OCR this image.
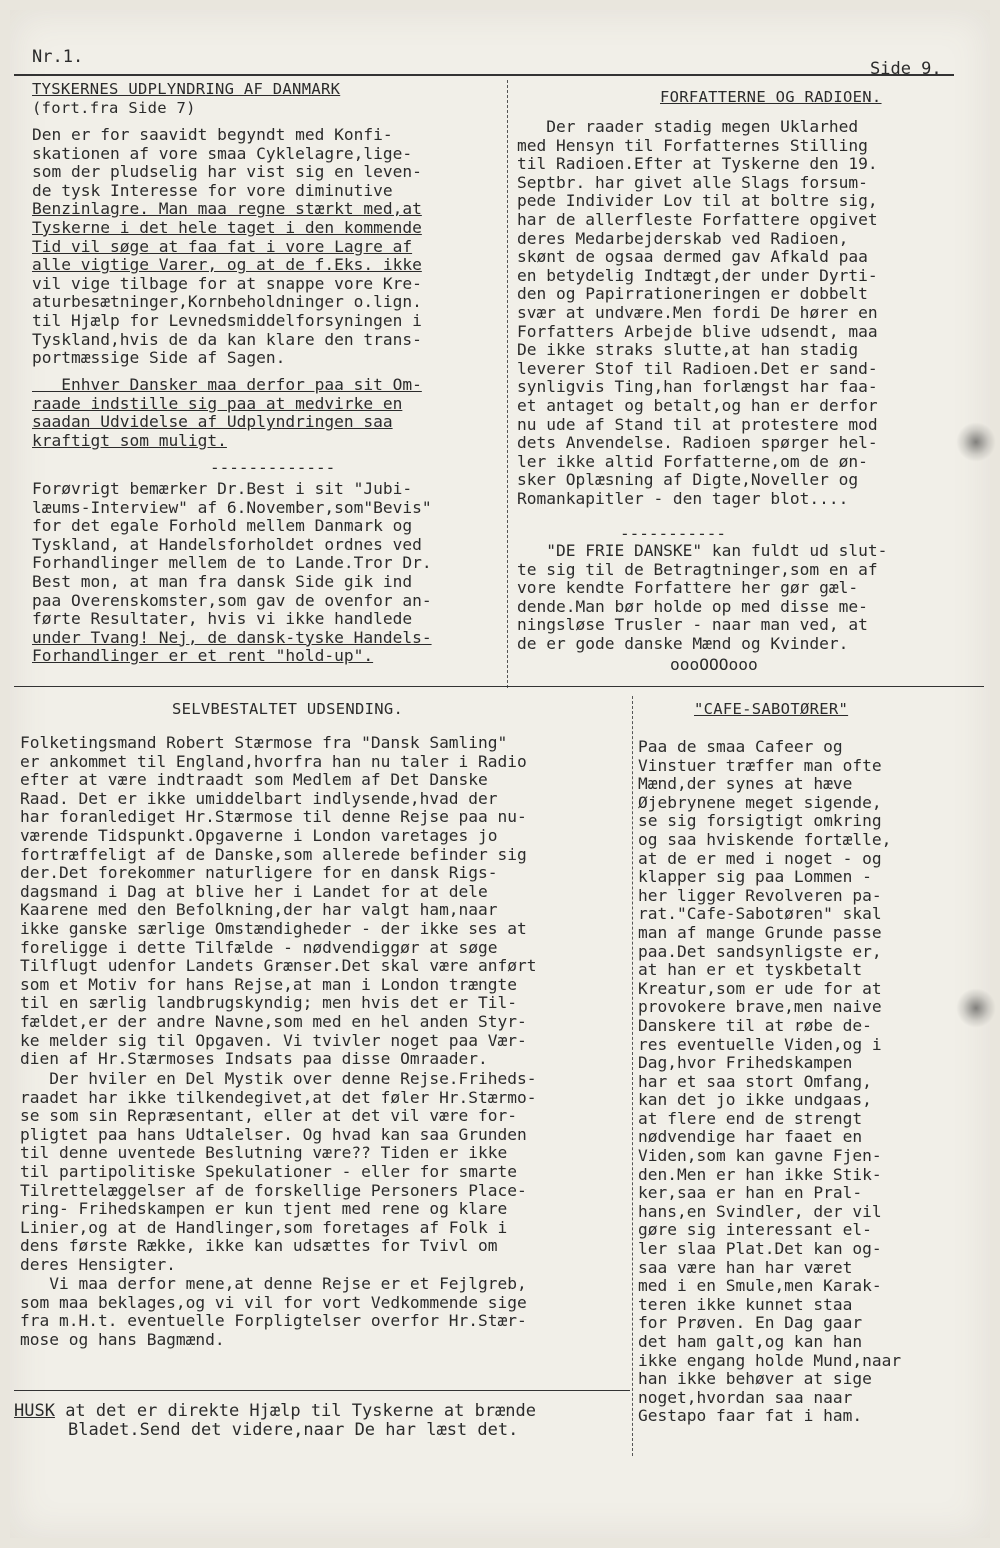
Nr.1.
Side 9.
TYSKERNES UDPLYNDRING AF DANMARK
(fort.fra Side 7)
Den er for saavidt begyndt med Konfi-
skationen af vore smaa Cyklelagre,lige-
som der pludselig har vist sig en leven-
de tysk Interesse for vore diminutive
Benzinlagre. Man maa regne stærkt med,at
Tyskerne i det hele taget i den kommende
Tid vil søge at faa fat i vore Lagre af
alle vigtige Varer, og at de f.Eks. ikke
vil vige tilbage for at snappe vore Kre-
aturbesætninger,Kornbeholdninger o.lign.
til Hjælp for Levnedsmiddelforsyningen i
Tyskland,hvis de da kan klare den trans-
portmæssige Side af Sagen.
Enhver Dansker maa derfor paa sit Om-
raade indstille sig paa at medvirke en
saadan Udvidelse af Udplyndringen saa
kraftigt som muligt.
-------------
Forøvrigt bemærker Dr.Best i sit "Jubi-
læums-Interview" af 6.November,som"Bevis"
for det egale Forhold mellem Danmark og
Tyskland, at Handelsforholdet ordnes ved
Forhandlinger mellem de to Lande.Tror Dr.
Best mon, at man fra dansk Side gik ind
paa Overenskomster,som gav de ovenfor an-
førte Resultater, hvis vi ikke handlede
under Tvang! Nej, de dansk-tyske Handels-
Forhandlinger er et rent "hold-up".
FORFATTERNE OG RADIOEN.
Der raader stadig megen Uklarhed
med Hensyn til Forfatternes Stilling
til Radioen.Efter at Tyskerne den 19.
Septbr. har givet alle Slags forsum-
pede Individer Lov til at boltre sig,
har de allerfleste Forfattere opgivet
deres Medarbejderskab ved Radioen,
skønt de ogsaa dermed gav Afkald paa
en betydelig Indtægt,der under Dyrti-
den og Papirrationeringen er dobbelt
svær at undvære.Men fordi De hører en
Forfatters Arbejde blive udsendt, maa
De ikke straks slutte,at han stadig
leverer Stof til Radioen.Det er sand-
synligvis Ting,han forlængst har faa-
et antaget og betalt,og han er derfor
nu ude af Stand til at protestere mod
dets Anvendelse. Radioen spørger hel-
ler ikke altid Forfatterne,om de øn-
sker Oplæsning af Digte,Noveller og
Romankapitler - den tager blot....
-----------
"DE FRIE DANSKE" kan fuldt ud slut-
te sig til de Betragtninger,som en af
vore kendte Forfattere her gør gæl-
dende.Man bør holde op med disse me-
ningsløse Trusler - naar man ved, at
de er gode danske Mænd og Kvinder.
oooOOOooo
SELVBESTALTET UDSENDING.
Folketingsmand Robert Stærmose fra "Dansk Samling"
er ankommet til England,hvorfra han nu taler i Radio
efter at være indtraadt som Medlem af Det Danske
Raad. Det er ikke umiddelbart indlysende,hvad der
har foranlediget Hr.Stærmose til denne Rejse paa nu-
værende Tidspunkt.Opgaverne i London varetages jo
fortræffeligt af de Danske,som allerede befinder sig
der.Det forekommer naturligere for en dansk Rigs-
dagsmand i Dag at blive her i Landet for at dele
Kaarene med den Befolkning,der har valgt ham,naar
ikke ganske særlige Omstændigheder - der ikke ses at
foreligge i dette Tilfælde - nødvendiggør at søge
Tilflugt udenfor Landets Grænser.Det skal være anført
som et Motiv for hans Rejse,at man i London trængte
til en særlig landbrugskyndig; men hvis det er Til-
fældet,er der andre Navne,som med en hel anden Styr-
ke melder sig til Opgaven. Vi tvivler noget paa Vær-
dien af Hr.Stærmoses Indsats paa disse Omraader.
Der hviler en Del Mystik over denne Rejse.Friheds-
raadet har ikke tilkendegivet,at det føler Hr.Stærmo-
se som sin Repræsentant, eller at det vil være for-
pligtet paa hans Udtalelser. Og hvad kan saa Grunden
til denne uventede Beslutning være?? Tiden er ikke
til partipolitiske Spekulationer - eller for smarte
Tilrettelæggelser af de forskellige Personers Place-
ring- Frihedskampen er kun tjent med rene og klare
Linier,og at de Handlinger,som foretages af Folk i
dens første Række, ikke kan udsættes for Tvivl om
deres Hensigter.
Vi maa derfor mene,at denne Rejse er et Fejlgreb,
som maa beklages,og vi vil for vort Vedkommende sige
fra m.H.t. eventuelle Forpligtelser overfor Hr.Stær-
mose og hans Bagmænd.
"CAFE-SABOTØRER"
Paa de smaa Cafeer og
Vinstuer træffer man ofte
Mænd,der synes at hæve
Øjebrynene meget sigende,
se sig forsigtigt omkring
og saa hviskende fortælle,
at de er med i noget - og
klapper sig paa Lommen -
her ligger Revolveren pa-
rat."Cafe-Sabotøren" skal
man af mange Grunde passe
paa.Det sandsynligste er,
at han er et tyskbetalt
Kreatur,som er ude for at
provokere brave,men naive
Danskere til at røbe de-
res eventuelle Viden,og i
Dag,hvor Frihedskampen
har et saa stort Omfang,
kan det jo ikke undgaas,
at flere end de strengt
nødvendige har faaet en
Viden,som kan gavne Fjen-
den.Men er han ikke Stik-
ker,saa er han en Pral-
hans,en Svindler, der vil
gøre sig interessant el-
ler slaa Plat.Det kan og-
saa være han har været
med i en Smule,men Karak-
teren ikke kunnet staa
for Prøven. En Dag gaar
det ham galt,og kan han
ikke engang holde Mund,naar
han ikke behøver at sige
noget,hvordan saa naar
Gestapo faar fat i ham.
HUSK at det er direkte Hjælp til Tyskerne at brænde
Bladet.Send det videre,naar De har læst det.
